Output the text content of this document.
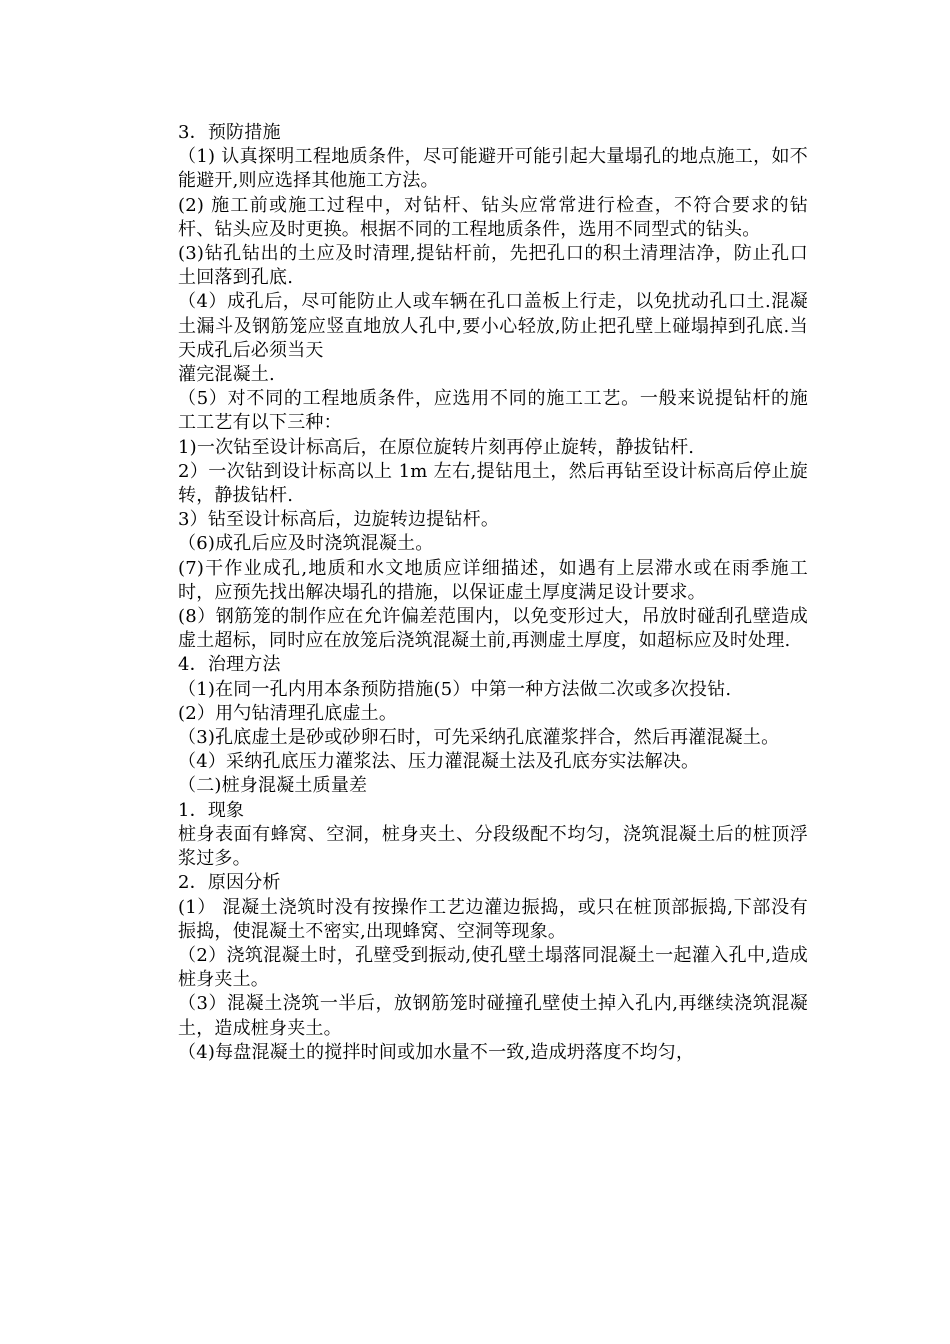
3．预防措施

（1) 认真探明工程地质条件，尽可能避开可能引起大量塌孔的地点施工，如不能避开,则应选择其他施工方法。

(2) 施工前或施工过程中，对钻杆、钻头应常常进行检查，不符合要求的钻杆、钻头应及时更换。根据不同的工程地质条件，选用不同型式的钻头。

(3)钻孔钻出的土应及时清理,提钻杆前，先把孔口的积土清理洁净，防止孔口土回落到孔底.

（4）成孔后，尽可能防止人或车辆在孔口盖板上行走，以免扰动孔口土.混凝土漏斗及钢筋笼应竖直地放人孔中,要小心轻放,防止把孔壁上碰塌掉到孔底.当天成孔后必须当天

灌完混凝土.

（5）对不同的工程地质条件，应选用不同的施工工艺。一般来说提钻杆的施工工艺有以下三种：

1)一次钻至设计标高后，在原位旋转片刻再停止旋转，静拔钻杆.

2）一次钻到设计标高以上 1m 左右,提钻甩土，然后再钻至设计标高后停止旋转，静拔钻杆.

3）钻至设计标高后，边旋转边提钻杆。

（6)成孔后应及时浇筑混凝土。

(7)干作业成孔,地质和水文地质应详细描述，如遇有上层滞水或在雨季施工时，应预先找出解决塌孔的措施，以保证虚土厚度满足设计要求。

(8）钢筋笼的制作应在允许偏差范围内，以免变形过大，吊放时碰刮孔壁造成虚土超标，同时应在放笼后浇筑混凝土前,再测虚土厚度，如超标应及时处理.

4．治理方法

（1)在同一孔内用本条预防措施(5）中第一种方法做二次或多次投钻.

(2）用勺钻清理孔底虚土。

（3)孔底虚土是砂或砂卵石时，可先采纳孔底灌浆拌合，然后再灌混凝土。

（4）采纳孔底压力灌浆法、压力灌混凝土法及孔底夯实法解决。

（二)桩身混凝土质量差

1．现象

桩身表面有蜂窝、空洞，桩身夹土、分段级配不均匀，浇筑混凝土后的桩顶浮浆过多。

2．原因分析

(1） 混凝土浇筑时没有按操作工艺边灌边振捣，或只在桩顶部振捣,下部没有振捣，使混凝土不密实,出现蜂窝、空洞等现象。

（2）浇筑混凝土时，孔壁受到振动,使孔壁土塌落同混凝土一起灌入孔中,造成桩身夹土。

（3）混凝土浇筑一半后，放钢筋笼时碰撞孔壁使土掉入孔内,再继续浇筑混凝土，造成桩身夹土。

（4)每盘混凝土的搅拌时间或加水量不一致,造成坍落度不均匀，
